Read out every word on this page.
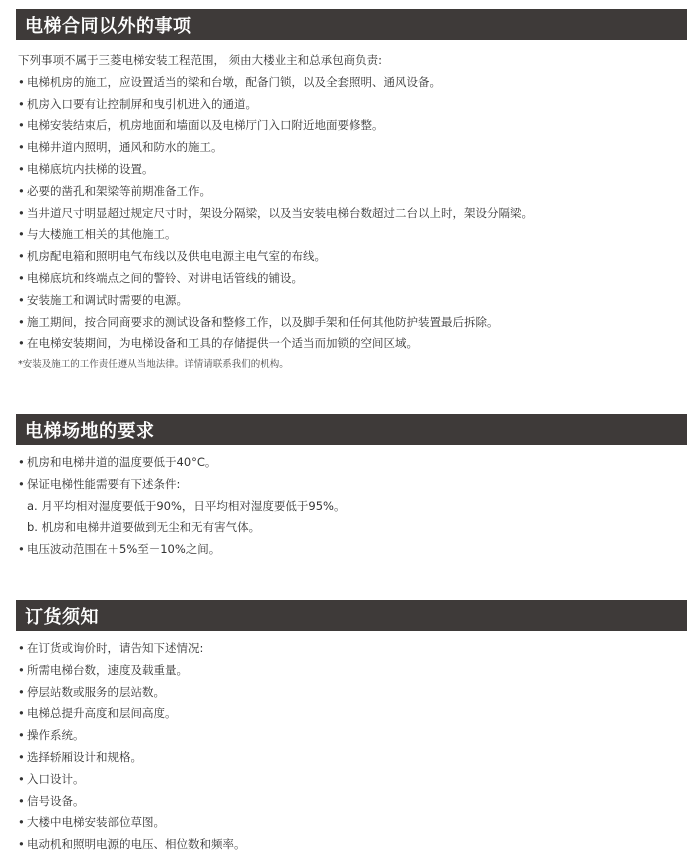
电梯合同以外的事项
下列事项不属于三菱电梯安装工程范围， 须由大楼业主和总承包商负责:
• 电梯机房的施工，应设置适当的梁和台墩，配备门锁，以及全套照明、通风设备。
• 机房入口要有让控制屏和曳引机进入的通道。
• 电梯安装结束后，机房地面和墙面以及电梯厅门入口附近地面要修整。
• 电梯井道内照明，通风和防水的施工。
• 电梯底坑内扶梯的设置。
• 必要的凿孔和架梁等前期准备工作。
• 当井道尺寸明显超过规定尺寸时，架设分隔梁，以及当安装电梯台数超过二台以上时，架设分隔梁。
• 与大楼施工相关的其他施工。
• 机房配电箱和照明电气布线以及供电电源主电气室的布线。
• 电梯底坑和终端点之间的警铃、对讲电话管线的铺设。
• 安装施工和调试时需要的电源。
• 施工期间，按合同商要求的测试设备和整修工作，以及脚手架和任何其他防护装置最后拆除。
• 在电梯安装期间，为电梯设备和工具的存储提供一个适当而加锁的空间区域。
*安装及施工的工作责任遵从当地法律。详情请联系我们的机构。
电梯场地的要求
• 机房和电梯井道的温度要低于40°C。
• 保证电梯性能需要有下述条件:
a. 月平均相对湿度要低于90%，日平均相对湿度要低于95%。
b. 机房和电梯井道要做到无尘和无有害气体。
• 电压波动范围在＋5%至－10%之间。
订货须知
• 在订货或询价时，请告知下述情况:
• 所需电梯台数，速度及载重量。
• 停层站数或服务的层站数。
• 电梯总提升高度和层间高度。
• 操作系统。
• 选择轿厢设计和规格。
• 入口设计。
• 信号设备。
• 大楼中电梯安装部位草图。
• 电动机和照明电源的电压、相位数和频率。
